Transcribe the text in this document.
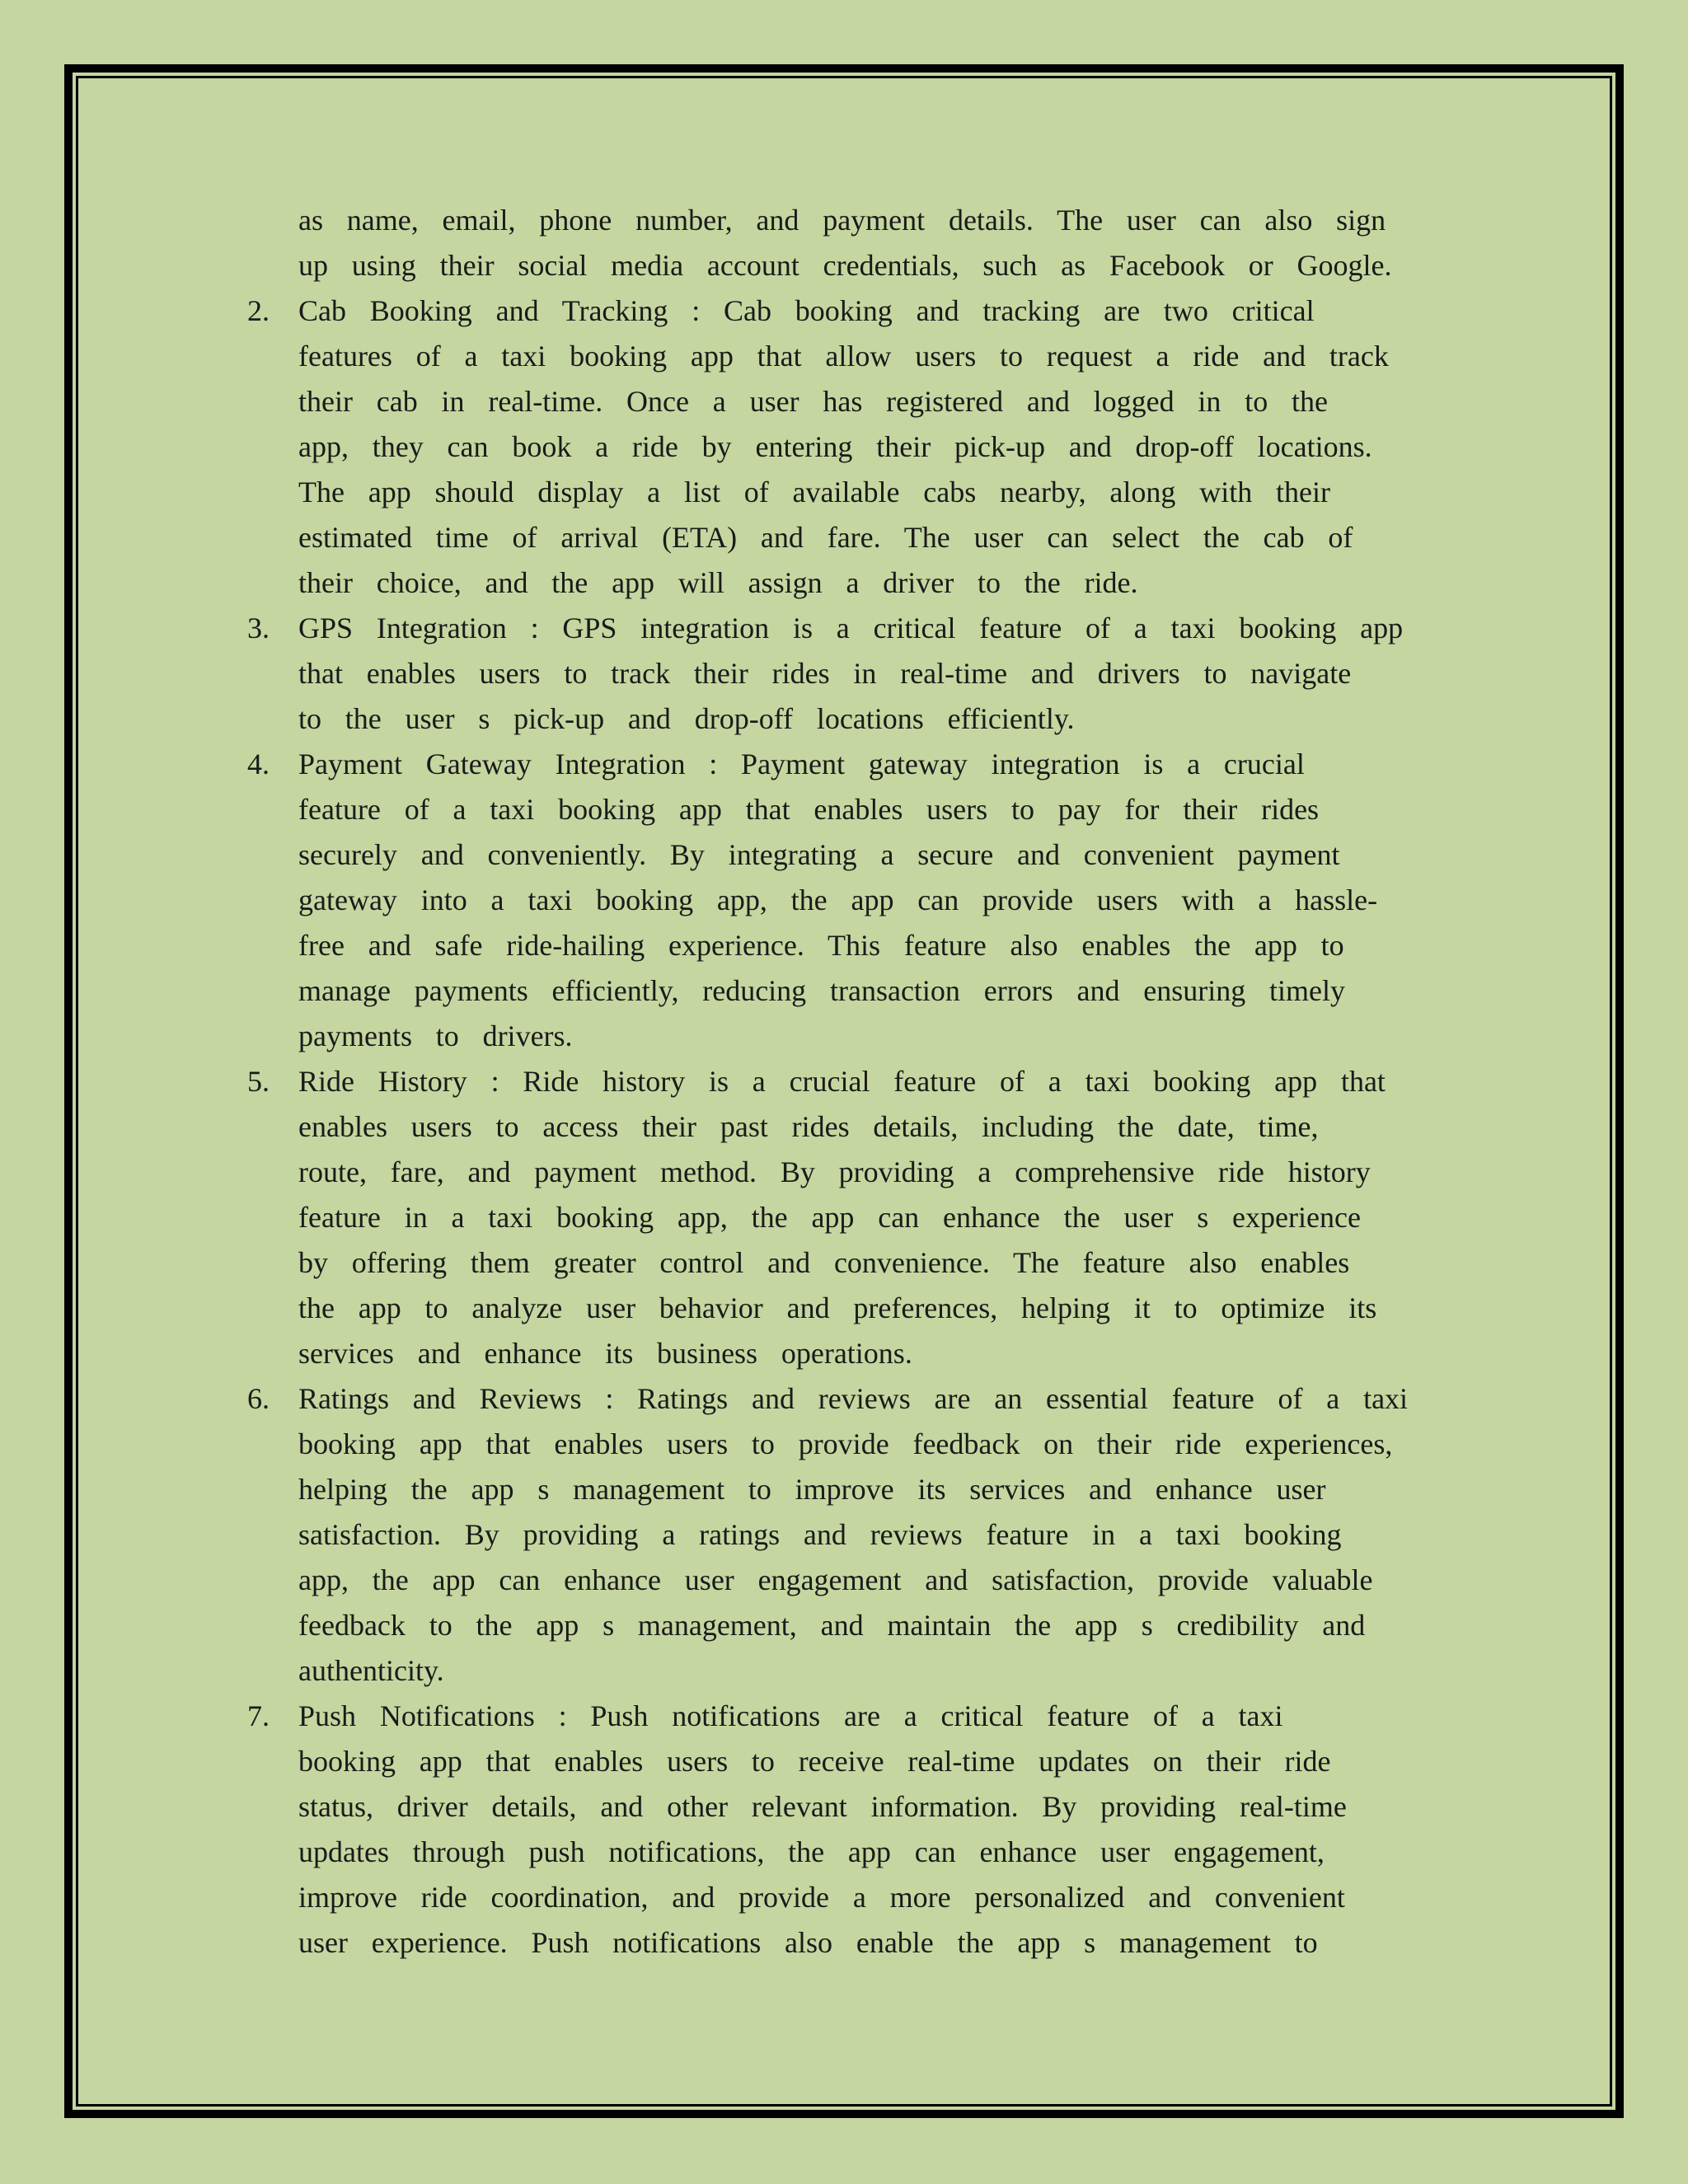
as name, email, phone number, and payment details. The user can also sign
up using their social media account credentials, such as Facebook or Google.
2. Cab Booking and Tracking : Cab booking and tracking are two critical
features of a taxi booking app that allow users to request a ride and track
their cab in real-time. Once a user has registered and logged in to the
app, they can book a ride by entering their pick-up and drop-off locations.
The app should display a list of available cabs nearby, along with their
estimated time of arrival (ETA) and fare. The user can select the cab of
their choice, and the app will assign a driver to the ride.
3. GPS Integration : GPS integration is a critical feature of a taxi booking app
that enables users to track their rides in real-time and drivers to navigate
to the user s pick-up and drop-off locations efficiently.
4. Payment Gateway Integration : Payment gateway integration is a crucial
feature of a taxi booking app that enables users to pay for their rides
securely and conveniently. By integrating a secure and convenient payment
gateway into a taxi booking app, the app can provide users with a hassle-
free and safe ride-hailing experience. This feature also enables the app to
manage payments efficiently, reducing transaction errors and ensuring timely
payments to drivers.
5. Ride History : Ride history is a crucial feature of a taxi booking app that
enables users to access their past rides details, including the date, time,
route, fare, and payment method. By providing a comprehensive ride history
feature in a taxi booking app, the app can enhance the user s experience
by offering them greater control and convenience. The feature also enables
the app to analyze user behavior and preferences, helping it to optimize its
services and enhance its business operations.
6. Ratings and Reviews : Ratings and reviews are an essential feature of a taxi
booking app that enables users to provide feedback on their ride experiences,
helping the app s management to improve its services and enhance user
satisfaction. By providing a ratings and reviews feature in a taxi booking
app, the app can enhance user engagement and satisfaction, provide valuable
feedback to the app s management, and maintain the app s credibility and
authenticity.
7. Push Notifications : Push notifications are a critical feature of a taxi
booking app that enables users to receive real-time updates on their ride
status, driver details, and other relevant information. By providing real-time
updates through push notifications, the app can enhance user engagement,
improve ride coordination, and provide a more personalized and convenient
user experience. Push notifications also enable the app s management to
